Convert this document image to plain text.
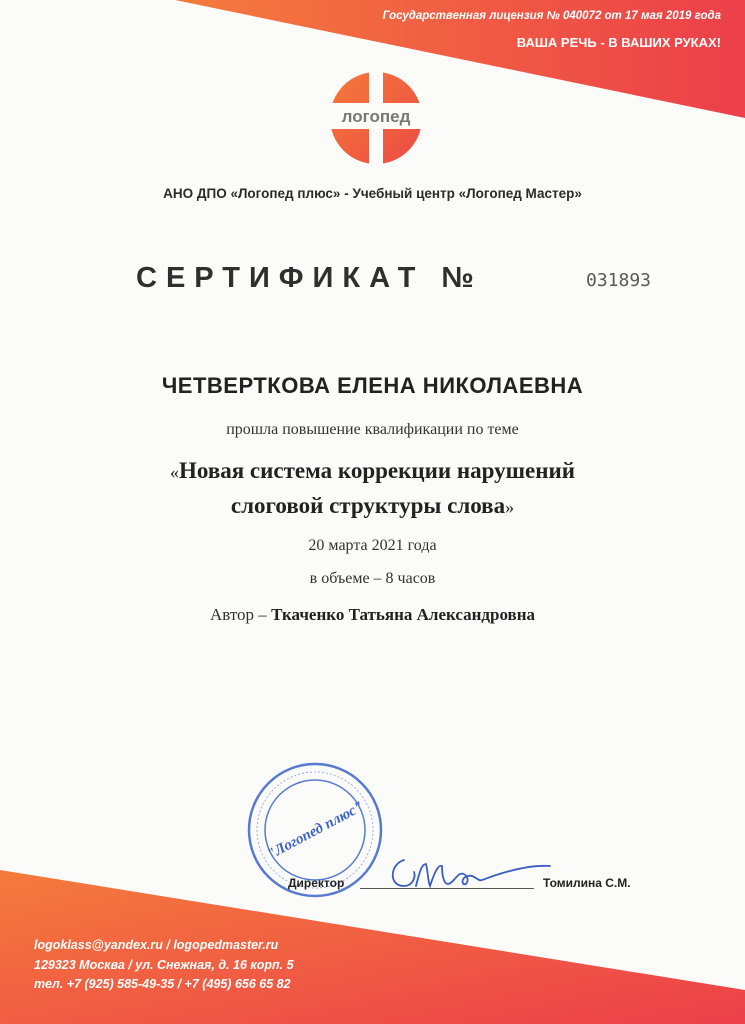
Государственная лицензия № 040072 от 17 мая 2019 года
ВАША РЕЧЬ - В ВАШИХ РУКАХ!
логопед
АНО ДПО «Логопед плюс» - Учебный центр «Логопед Мастер»
СЕРТИФИКАТ №	031893
ЧЕТВЕРТКОВА ЕЛЕНА НИКОЛАЕВНА
прошла повышение квалификации по теме
«Новая система коррекции нарушений
слоговой структуры слова»
20 марта 2021 года
в объеме – 8 часов
Автор – Ткаченко Татьяна Александровна
"Логопед плюс"
Директор	Томилина С.М.
logoklass@yandex.ru / logopedmaster.ru
129323 Москва / ул. Снежная, д. 16 корп. 5
тел. +7 (925) 585-49-35 / +7 (495) 656 65 82
